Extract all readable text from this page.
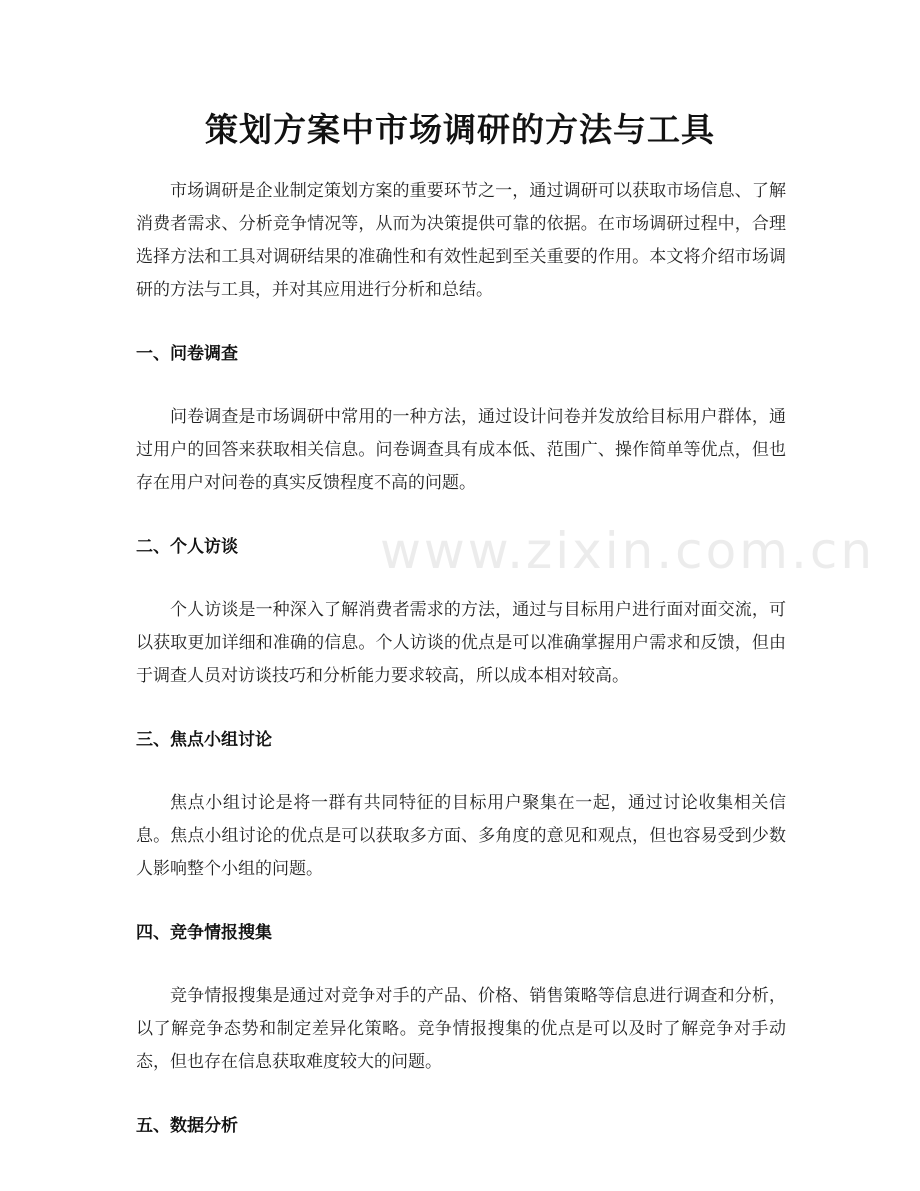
策划方案中市场调研的方法与工具

市场调研是企业制定策划方案的重要环节之一，通过调研可以获取市场信息、了解消费者需求、分析竞争情况等，从而为决策提供可靠的依据。在市场调研过程中，合理选择方法和工具对调研结果的准确性和有效性起到至关重要的作用。本文将介绍市场调研的方法与工具，并对其应用进行分析和总结。

一、问卷调查

问卷调查是市场调研中常用的一种方法，通过设计问卷并发放给目标用户群体，通过用户的回答来获取相关信息。问卷调查具有成本低、范围广、操作简单等优点，但也存在用户对问卷的真实反馈程度不高的问题。

二、个人访谈

个人访谈是一种深入了解消费者需求的方法，通过与目标用户进行面对面交流，可以获取更加详细和准确的信息。个人访谈的优点是可以准确掌握用户需求和反馈，但由于调查人员对访谈技巧和分析能力要求较高，所以成本相对较高。

三、焦点小组讨论

焦点小组讨论是将一群有共同特征的目标用户聚集在一起，通过讨论收集相关信息。焦点小组讨论的优点是可以获取多方面、多角度的意见和观点，但也容易受到少数人影响整个小组的问题。

四、竞争情报搜集

竞争情报搜集是通过对竞争对手的产品、价格、销售策略等信息进行调查和分析，以了解竞争态势和制定差异化策略。竞争情报搜集的优点是可以及时了解竞争对手动态，但也存在信息获取难度较大的问题。

五、数据分析
www.zixin.com.cn
